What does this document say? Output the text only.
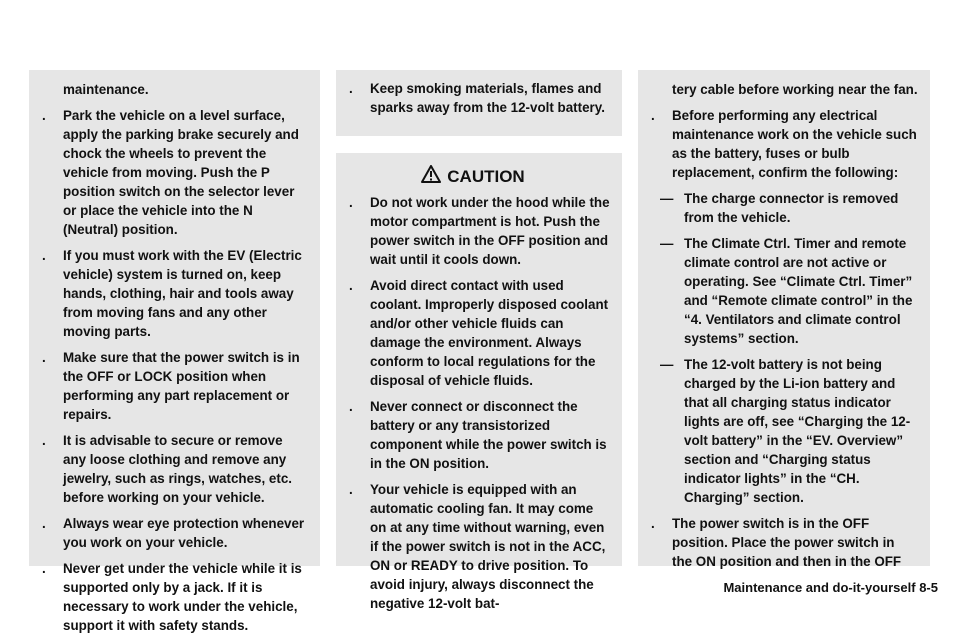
maintenance.

. Park the vehicle on a level surface, apply the parking brake securely and chock the wheels to prevent the vehicle from moving. Push the P position switch on the selector lever or place the vehicle into the N (Neutral) position.
. If you must work with the EV (Electric vehicle) system is turned on, keep hands, clothing, hair and tools away from moving fans and any other moving parts.
. Make sure that the power switch is in the OFF or LOCK position when performing any part replacement or repairs.
. It is advisable to secure or remove any loose clothing and remove any jewelry, such as rings, watches, etc. before working on your vehicle.
. Always wear eye protection whenever you work on your vehicle.
. Never get under the vehicle while it is supported only by a jack. If it is necessary to work under the vehicle, support it with safety stands.
. Keep smoking materials, flames and sparks away from the 12-volt battery.
CAUTION
. Do not work under the hood while the motor compartment is hot. Push the power switch in the OFF position and wait until it cools down.
. Avoid direct contact with used coolant. Improperly disposed coolant and/or other vehicle fluids can damage the environment. Always conform to local regulations for the disposal of vehicle fluids.
. Never connect or disconnect the battery or any transistorized component while the power switch is in the ON position.
. Your vehicle is equipped with an automatic cooling fan. It may come on at any time without warning, even if the power switch is not in the ACC, ON or READY to drive position. To avoid injury, always disconnect the negative 12-volt bat-

tery cable before working near the fan.

. Before performing any electrical maintenance work on the vehicle such as the battery, fuses or bulb replacement, confirm the following:
— The charge connector is removed from the vehicle.
— The Climate Ctrl. Timer and remote climate control are not active or operating. See “Climate Ctrl. Timer” and “Remote climate control” in the “4. Ventilators and climate control systems” section.
— The 12-volt battery is not being charged by the Li-ion battery and that all charging status indicator lights are off, see “Charging the 12-volt battery” in the “EV. Overview” section and “Charging status indicator lights” in the “CH. Charging” section.
. The power switch is in the OFF position. Place the power switch in the ON position and then in the OFF
Maintenance and do-it-yourself 8-5
